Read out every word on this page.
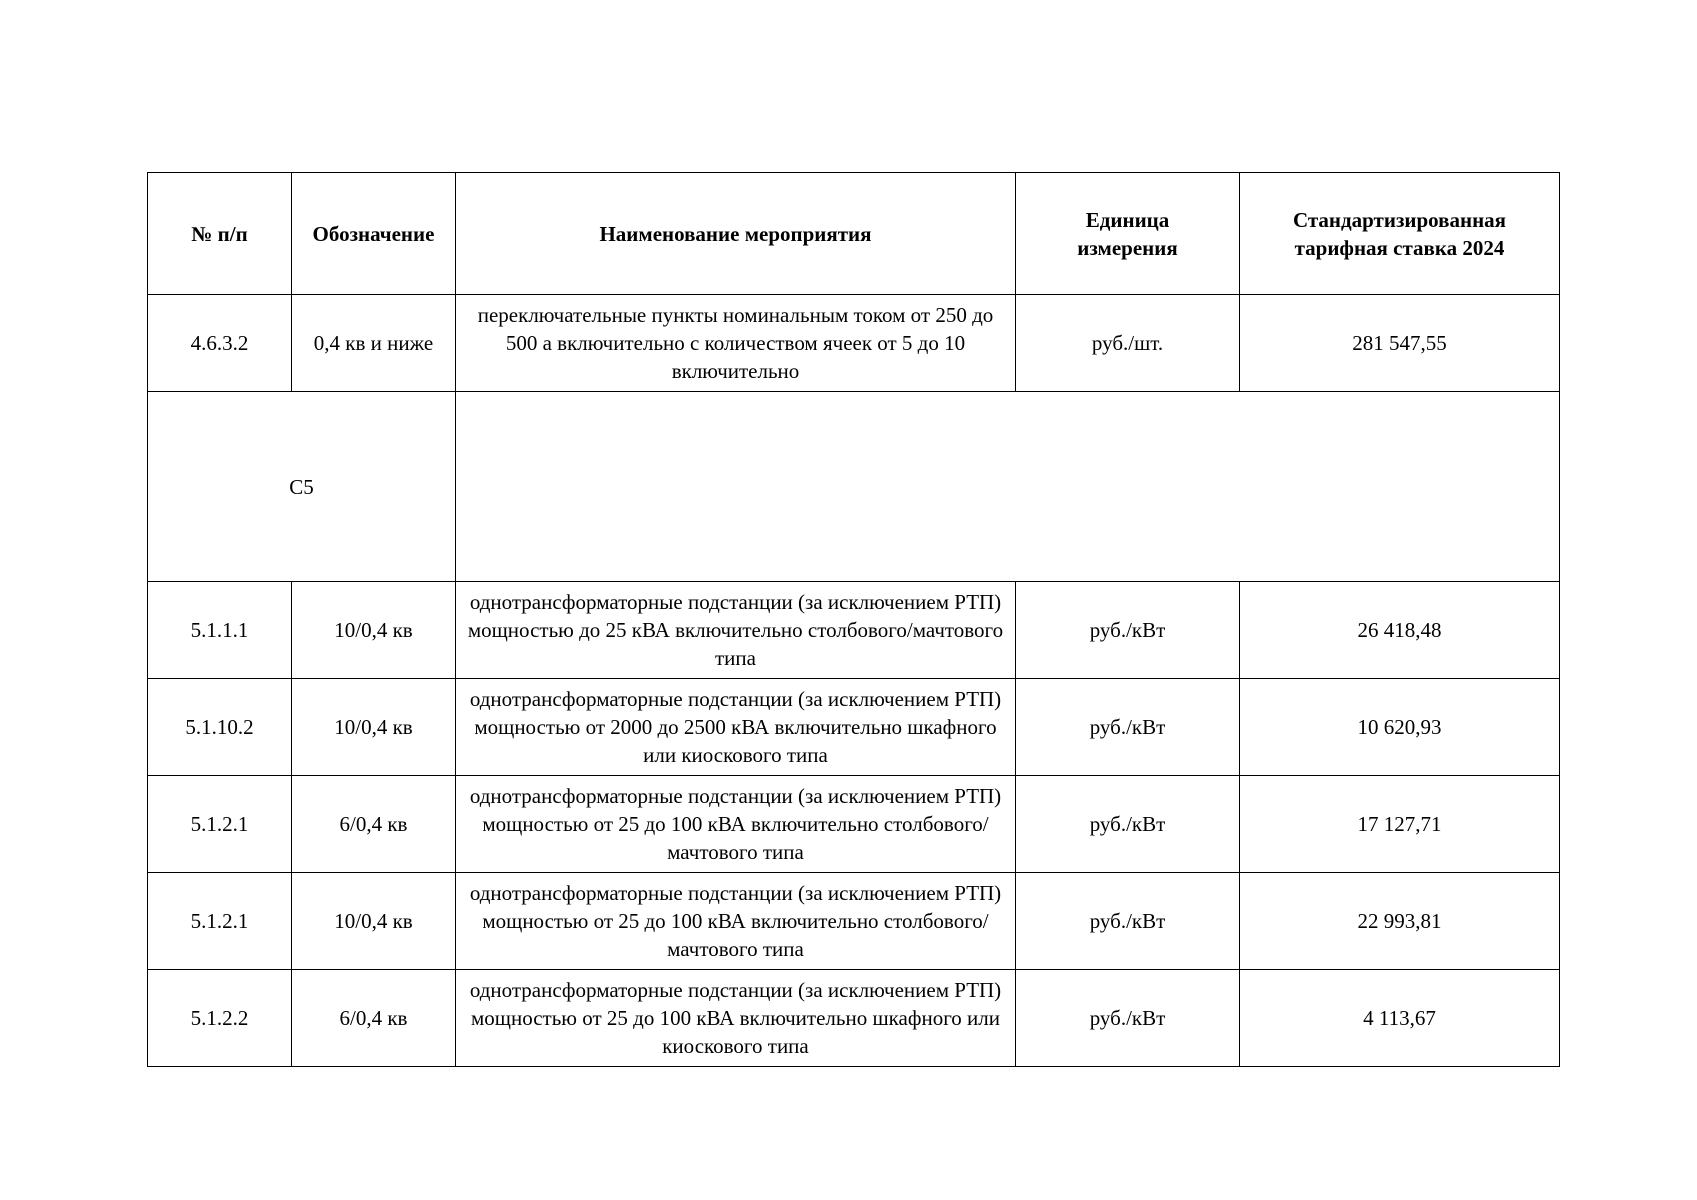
№ п/п	Обозначение	Наименование мероприятия	Единица измерения	Стандартизированная тарифная ставка 2024
4.6.3.2	0,4 кв и ниже	переключательные пункты номинальным током от 250 до 500 а включительно с количеством ячеек от 5 до 10 включительно	руб./шт.	281 547,55
С5				
5.1.1.1	10/0,4 кв	однотрансформаторные подстанции (за исключением РТП) мощностью до 25 кВА включительно столбового/мачтового типа	руб./кВт	26 418,48
5.1.10.2	10/0,4 кв	однотрансформаторные подстанции (за исключением РТП) мощностью от 2000 до 2500 кВА включительно шкафного или киоскового типа	руб./кВт	10 620,93
5.1.2.1	6/0,4 кв	однотрансформаторные подстанции (за исключением РТП) мощностью от 25 до 100 кВА включительно столбового/мачтового типа	руб./кВт	17 127,71
5.1.2.1	10/0,4 кв	однотрансформаторные подстанции (за исключением РТП) мощностью от 25 до 100 кВА включительно столбового/мачтового типа	руб./кВт	22 993,81
5.1.2.2	6/0,4 кв	однотрансформаторные подстанции (за исключением РТП) мощностью от 25 до 100 кВА включительно шкафного или киоскового типа	руб./кВт	4 113,67
